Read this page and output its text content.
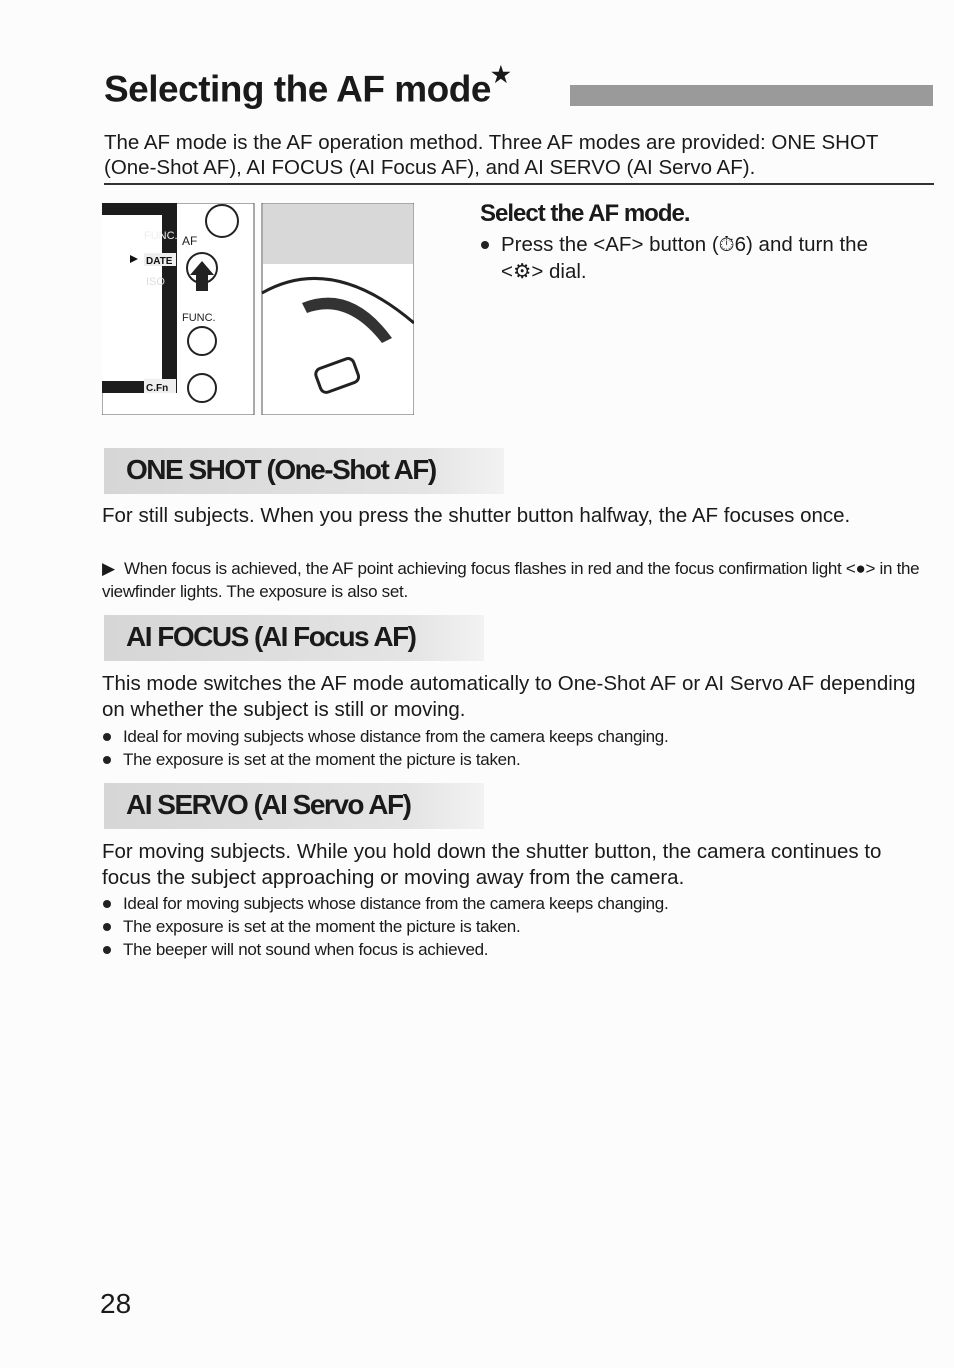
Selecting the AF mode★
The AF mode is the AF operation method. Three AF modes are provided: ONE SHOT (One-Shot AF), AI FOCUS (AI Focus AF), and AI SERVO (AI Servo AF).
FUNC.
DATE
ISO
C.Fn
AF
FUNC.
Select the AF mode.
Press the <AF> button (⏱6) and turn the
<⚙> dial.
ONE SHOT (One-Shot AF)
For still subjects. When you press the shutter button halfway, the AF focuses once.
▶ When focus is achieved, the AF point achieving focus flashes in red and the focus confirmation light <●> in the viewfinder lights. The exposure is also set.
AI FOCUS (AI Focus AF)
This mode switches the AF mode automatically to One-Shot AF or AI Servo AF depending on whether the subject is still or moving.
Ideal for moving subjects whose distance from the camera keeps changing.
The exposure is set at the moment the picture is taken.
AI SERVO (AI Servo AF)
For moving subjects. While you hold down the shutter button, the camera continues to focus the subject approaching or moving away from the camera.
Ideal for moving subjects whose distance from the camera keeps changing.
The exposure is set at the moment the picture is taken.
The beeper will not sound when focus is achieved.
28
